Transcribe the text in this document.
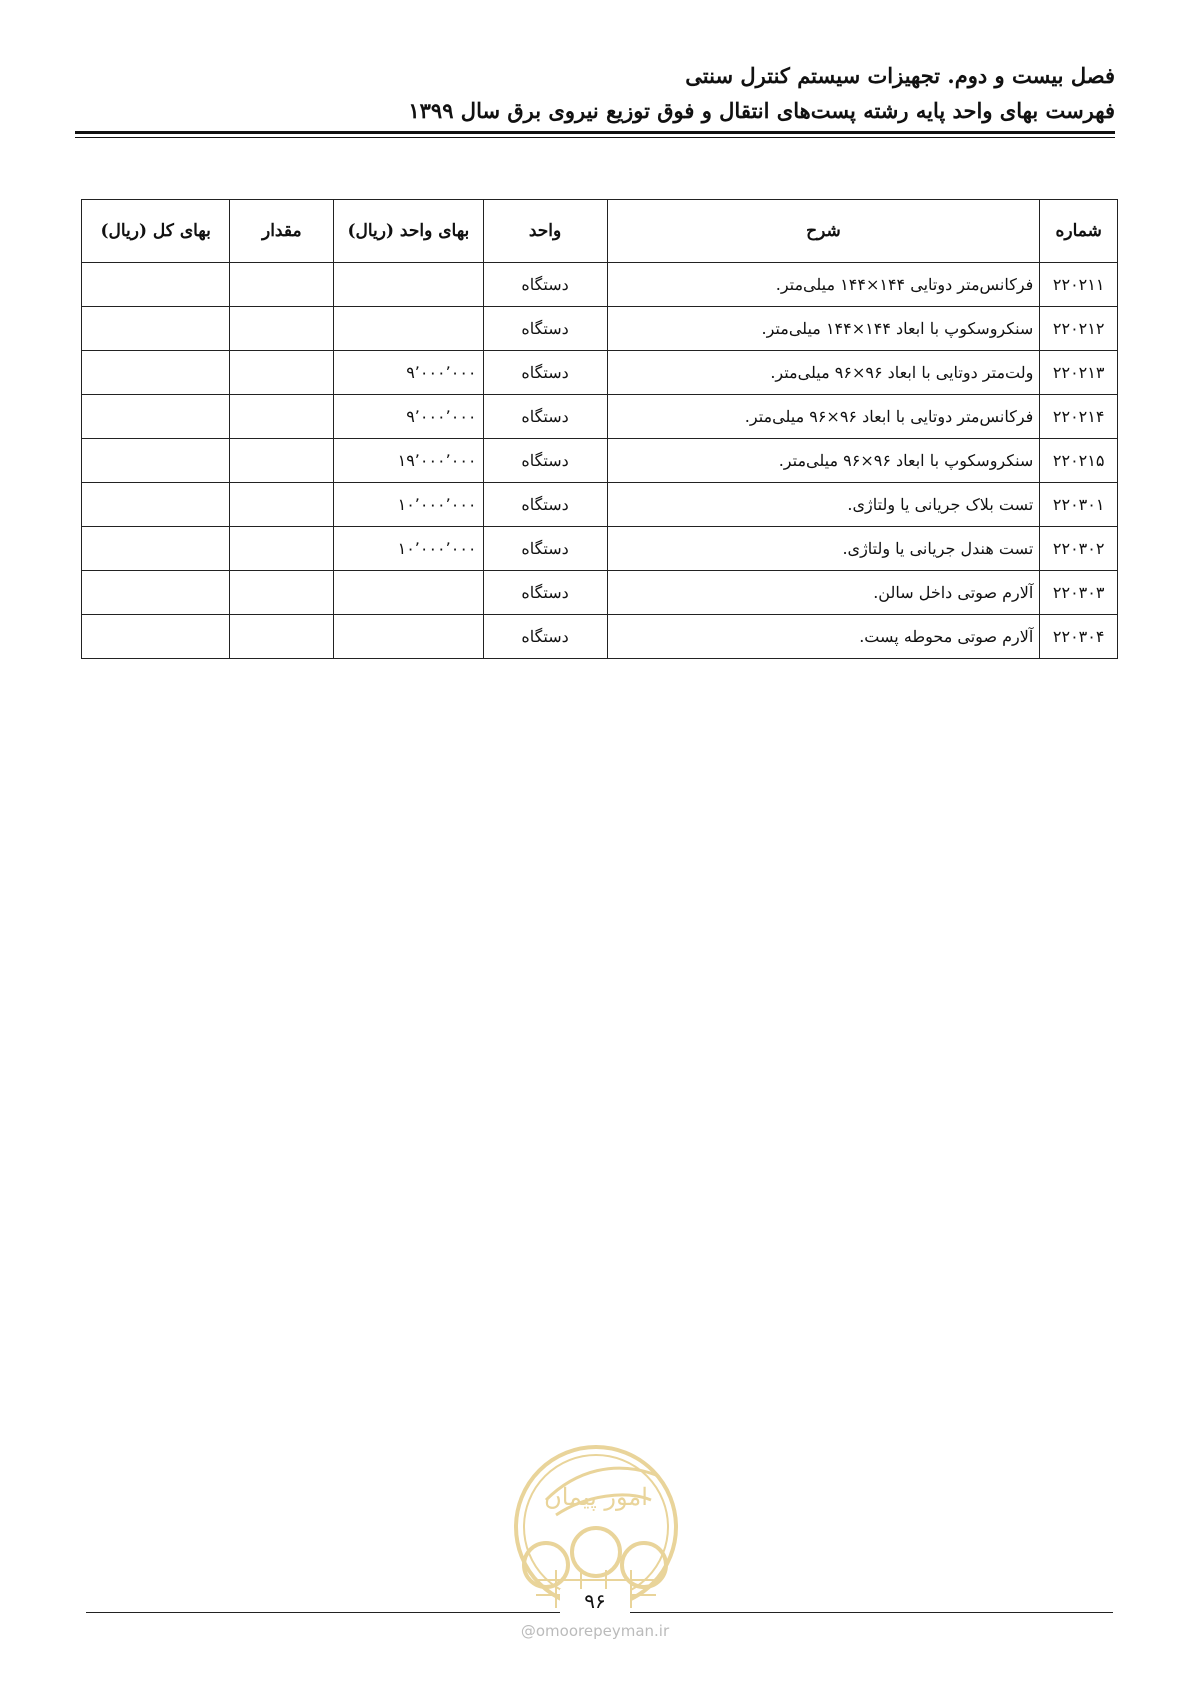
فصل بیست و دوم. تجهیزات سیستم کنترل سنتی
فهرست بهای واحد پایه رشته پست‌های انتقال و فوق توزیع نیروی برق سال ۱۳۹۹
شماره	شرح	واحد	بهای واحد (ریال)	مقدار	بهای کل (ریال)
۲۲۰۲۱۱	فرکانس‌متر دوتایی ۱۴۴×۱۴۴ میلی‌متر.	دستگاه			
۲۲۰۲۱۲	سنکروسکوپ با ابعاد ۱۴۴×۱۴۴ میلی‌متر.	دستگاه			
۲۲۰۲۱۳	ولت‌متر دوتایی با ابعاد ۹۶×۹۶ میلی‌متر.	دستگاه	۹٬۰۰۰٬۰۰۰		
۲۲۰۲۱۴	فرکانس‌متر دوتایی با ابعاد ۹۶×۹۶ میلی‌متر.	دستگاه	۹٬۰۰۰٬۰۰۰		
۲۲۰۲۱۵	سنکروسکوپ با ابعاد ۹۶×۹۶ میلی‌متر.	دستگاه	۱۹٬۰۰۰٬۰۰۰		
۲۲۰۳۰۱	تست بلاک جریانی یا ولتاژی.	دستگاه	۱۰٬۰۰۰٬۰۰۰		
۲۲۰۳۰۲	تست هندل جریانی یا ولتاژی.	دستگاه	۱۰٬۰۰۰٬۰۰۰		
۲۲۰۳۰۳	آلارم صوتی داخل سالن.	دستگاه			
۲۲۰۳۰۴	آلارم صوتی محوطه پست.	دستگاه			
امور پیمان
۹۶
@omoorepeyman.ir
